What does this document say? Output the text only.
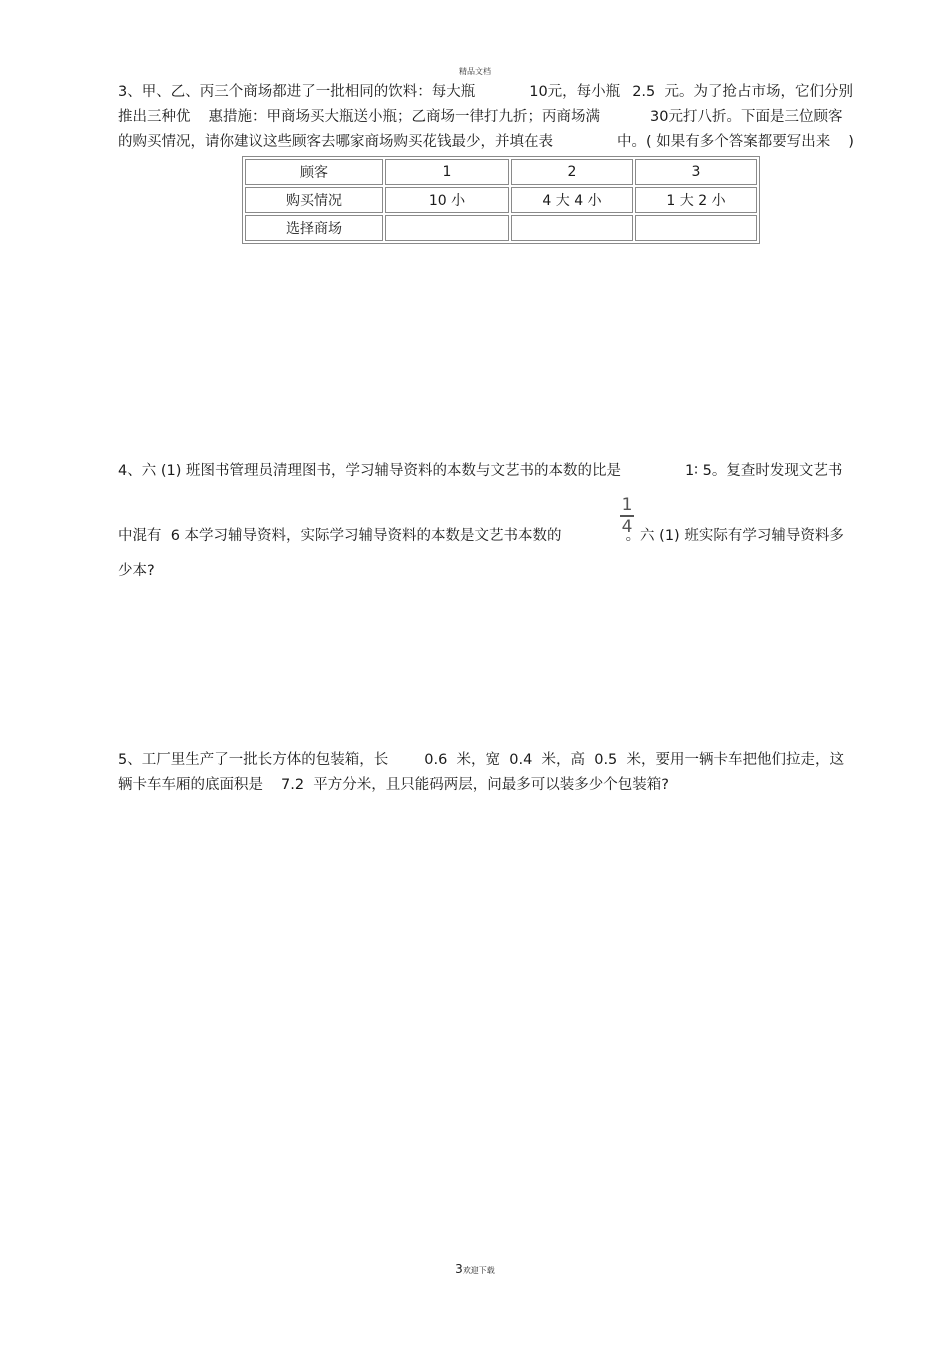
精品文档
3、甲、乙、丙三个商场都进了一批相同的饮料：每大瓶	10元，每小瓶 2.5  元。为了抢占市场，它们分别
推出三种优 惠措施：甲商场买大瓶送小瓶；乙商场一律打九折；丙商场满	30元打八折。下面是三位顾客
的购买情况，请你建议这些顾客去哪家商场购买花钱最少，并填在表	中。( 如果有多个答案都要写出来 )
顾客	1	2	3
购买情况	10 小	4 大 4 小	1 大 2 小
选择商场			
4、六 (1) 班图书管理员清理图书，学习辅导资料的本数与文艺书的本数的比是	1∶ 5。复查时发现文艺书
1
4
中混有  6 本学习辅导资料，实际学习辅导资料的本数是文艺书本数的	。六 (1) 班实际有学习辅导资料多
少本?
5、工厂里生产了一批长方体的包装箱，长 0.6  米，宽  0.4  米，高  0.5  米，要用一辆卡车把他们拉走，这
辆卡车车厢的底面积是 7.2  平方分米，且只能码两层，问最多可以装多少个包装箱?
3欢迎下载
